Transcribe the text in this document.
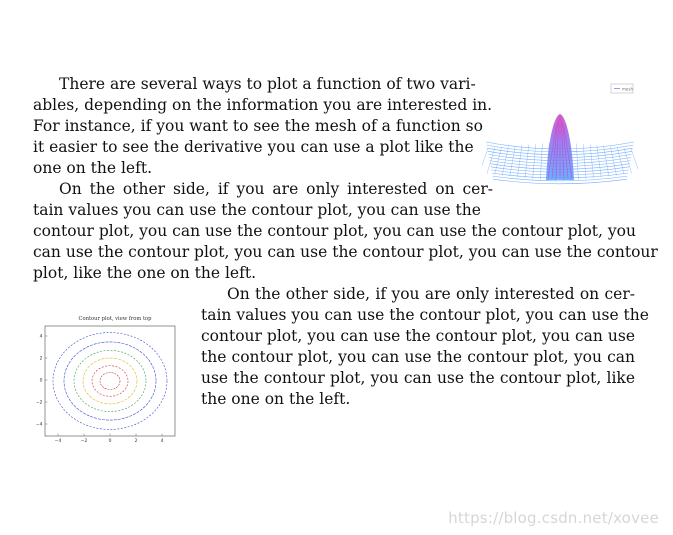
There are several ways to plot a function of two vari-
ables, depending on the information you are interested in.
For instance, if you want to see the mesh of a function so
it easier to see the derivative you can use a plot like the
one on the left.
On the other side, if you are only interested on cer-
tain values you can use the contour plot, you can use the
contour plot, you can use the contour plot, you can use the contour plot, you
can use the contour plot, you can use the contour plot, you can use the contour
plot, like the one on the left.
On the other side, if you are only interested on cer-
tain values you can use the contour plot, you can use the
contour plot, you can use the contour plot, you can use
the contour plot, you can use the contour plot, you can
use the contour plot, you can use the contour plot, like
the one on the left.
mesh
Contour plot, view from top
−4	−2	0	2	4
4
2
0
−2
−4
https://blog.csdn.net/xovee
